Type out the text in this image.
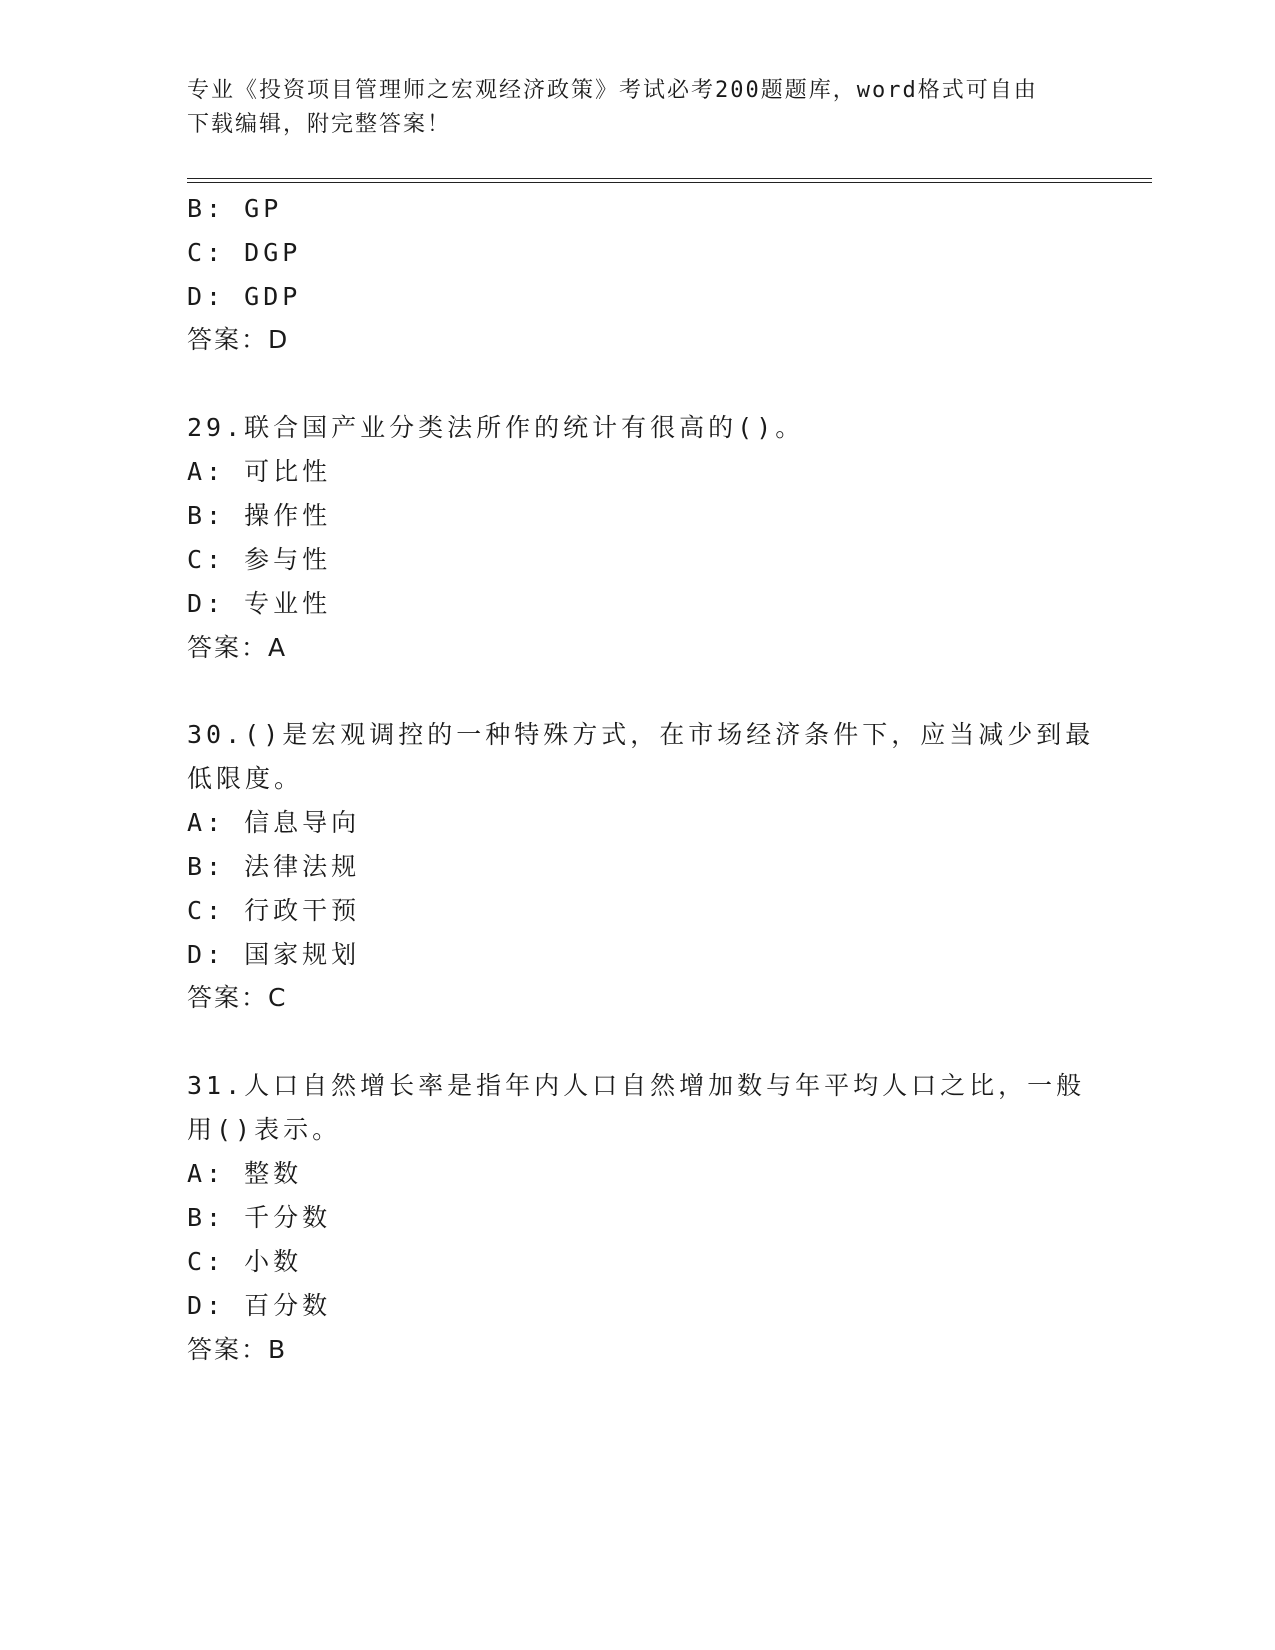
专业《投资项目管理师之宏观经济政策》考试必考200题题库，word格式可自由
下载编辑，附完整答案！
B: GP
C: DGP
D: GDP
答案：D
29.联合国产业分类法所作的统计有很高的()。
A: 可比性
B: 操作性
C: 参与性
D: 专业性
答案：A
30.()是宏观调控的一种特殊方式，在市场经济条件下，应当减少到最
低限度。
A: 信息导向
B: 法律法规
C: 行政干预
D: 国家规划
答案：C
31.人口自然增长率是指年内人口自然增加数与年平均人口之比，一般
用()表示。
A: 整数
B: 千分数
C: 小数
D: 百分数
答案：B
